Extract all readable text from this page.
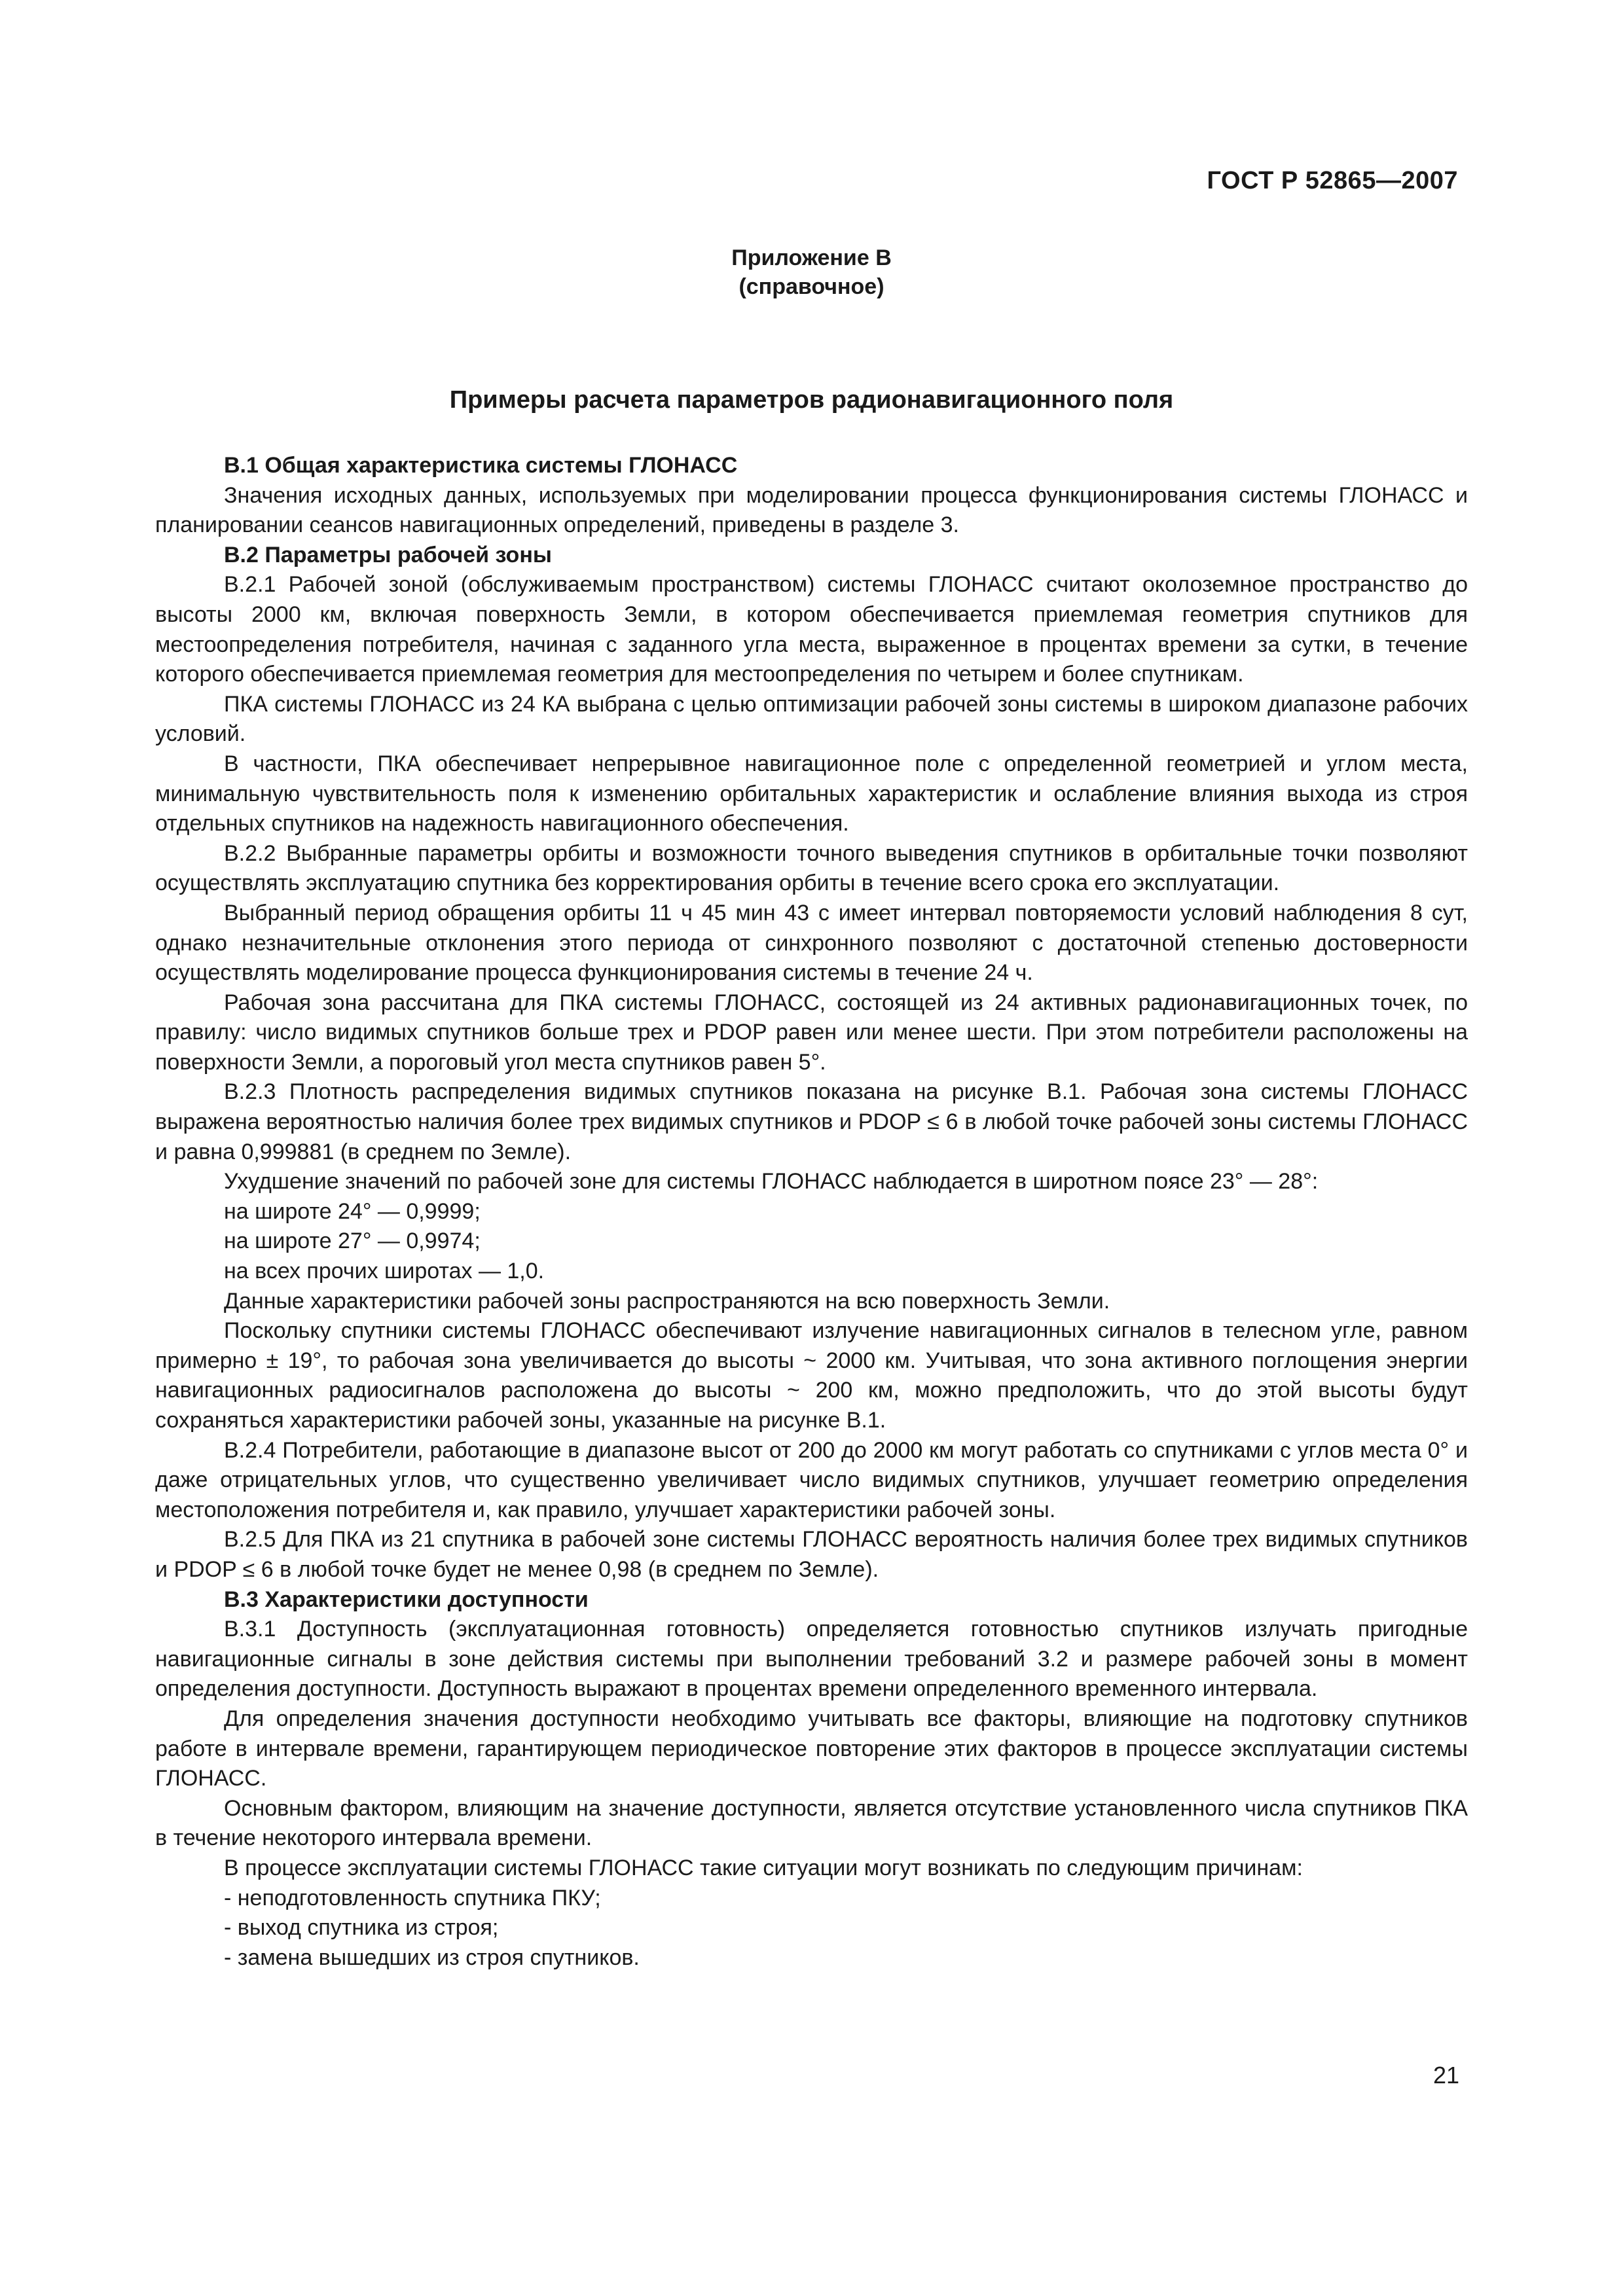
ГОСТ Р 52865—2007
Приложение В
(справочное)
Примеры расчета параметров радионавигационного поля

В.1 Общая характеристика системы ГЛОНАСС

Значения исходных данных, используемых при моделировании процесса функционирования системы ГЛОНАСС и планировании сеансов навигационных определений, приведены в разделе 3.

В.2 Параметры рабочей зоны

В.2.1 Рабочей зоной (обслуживаемым пространством) системы ГЛОНАСС считают околоземное пространство до высоты 2000 км, включая поверхность Земли, в котором обеспечивается приемлемая геометрия спутников для местоопределения потребителя, начиная с заданного угла места, выраженное в процентах времени за сутки, в течение которого обеспечивается приемлемая геометрия для местоопределения по четырем и более спутникам.

ПКА системы ГЛОНАСС из 24 КА выбрана с целью оптимизации рабочей зоны системы в широком диапазоне рабочих условий.

В частности, ПКА обеспечивает непрерывное навигационное поле с определенной геометрией и углом места, минимальную чувствительность поля к изменению орбитальных характеристик и ослабление влияния выхода из строя отдельных спутников на надежность навигационного обеспечения.

В.2.2 Выбранные параметры орбиты и возможности точного выведения спутников в орбитальные точки позволяют осуществлять эксплуатацию спутника без корректирования орбиты в течение всего срока его эксплуатации.

Выбранный период обращения орбиты 11 ч 45 мин 43 с имеет интервал повторяемости условий наблюдения 8 сут, однако незначительные отклонения этого периода от синхронного позволяют с достаточной степенью достоверности осуществлять моделирование процесса функционирования системы в течение 24 ч.

Рабочая зона рассчитана для ПКА системы ГЛОНАСС, состоящей из 24 активных радионавигационных точек, по правилу: число видимых спутников больше трех и PDOP равен или менее шести. При этом потребители расположены на поверхности Земли, а пороговый угол места спутников равен 5°.

В.2.3 Плотность распределения видимых спутников показана на рисунке В.1. Рабочая зона системы ГЛОНАСС выражена вероятностью наличия более трех видимых спутников и PDOP ≤ 6 в любой точке рабочей зоны системы ГЛОНАСС и равна 0,999881 (в среднем по Земле).

Ухудшение значений по рабочей зоне для системы ГЛОНАСС наблюдается в широтном поясе 23° — 28°:

на широте 24° — 0,9999;

на широте 27° — 0,9974;

на всех прочих широтах — 1,0.

Данные характеристики рабочей зоны распространяются на всю поверхность Земли.

Поскольку спутники системы ГЛОНАСС обеспечивают излучение навигационных сигналов в телесном угле, равном примерно ± 19°, то рабочая зона увеличивается до высоты ~ 2000 км. Учитывая, что зона активного поглощения энергии навигационных радиосигналов расположена до высоты ~ 200 км, можно предположить, что до этой высоты будут сохраняться характеристики рабочей зоны, указанные на рисунке В.1.

В.2.4 Потребители, работающие в диапазоне высот от 200 до 2000 км могут работать со спутниками с углов места 0° и даже отрицательных углов, что существенно увеличивает число видимых спутников, улучшает геометрию определения местоположения потребителя и, как правило, улучшает характеристики рабочей зоны.

В.2.5 Для ПКА из 21 спутника в рабочей зоне системы ГЛОНАСС вероятность наличия более трех видимых спутников и PDOP ≤ 6 в любой точке будет не менее 0,98 (в среднем по Земле).

В.3 Характеристики доступности

В.3.1 Доступность (эксплуатационная готовность) определяется готовностью спутников излучать пригодные навигационные сигналы в зоне действия системы при выполнении требований 3.2 и размере рабочей зоны в момент определения доступности. Доступность выражают в процентах времени определенного временного интервала.

Для определения значения доступности необходимо учитывать все факторы, влияющие на подготовку спутников работе в интервале времени, гарантирующем периодическое повторение этих факторов в процессе эксплуатации системы ГЛОНАСС.

Основным фактором, влияющим на значение доступности, является отсутствие установленного числа спутников ПКА в течение некоторого интервала времени.

В процессе эксплуатации системы ГЛОНАСС такие ситуации могут возникать по следующим причинам:

- неподготовленность спутника ПКУ;

- выход спутника из строя;

- замена вышедших из строя спутников.

21
